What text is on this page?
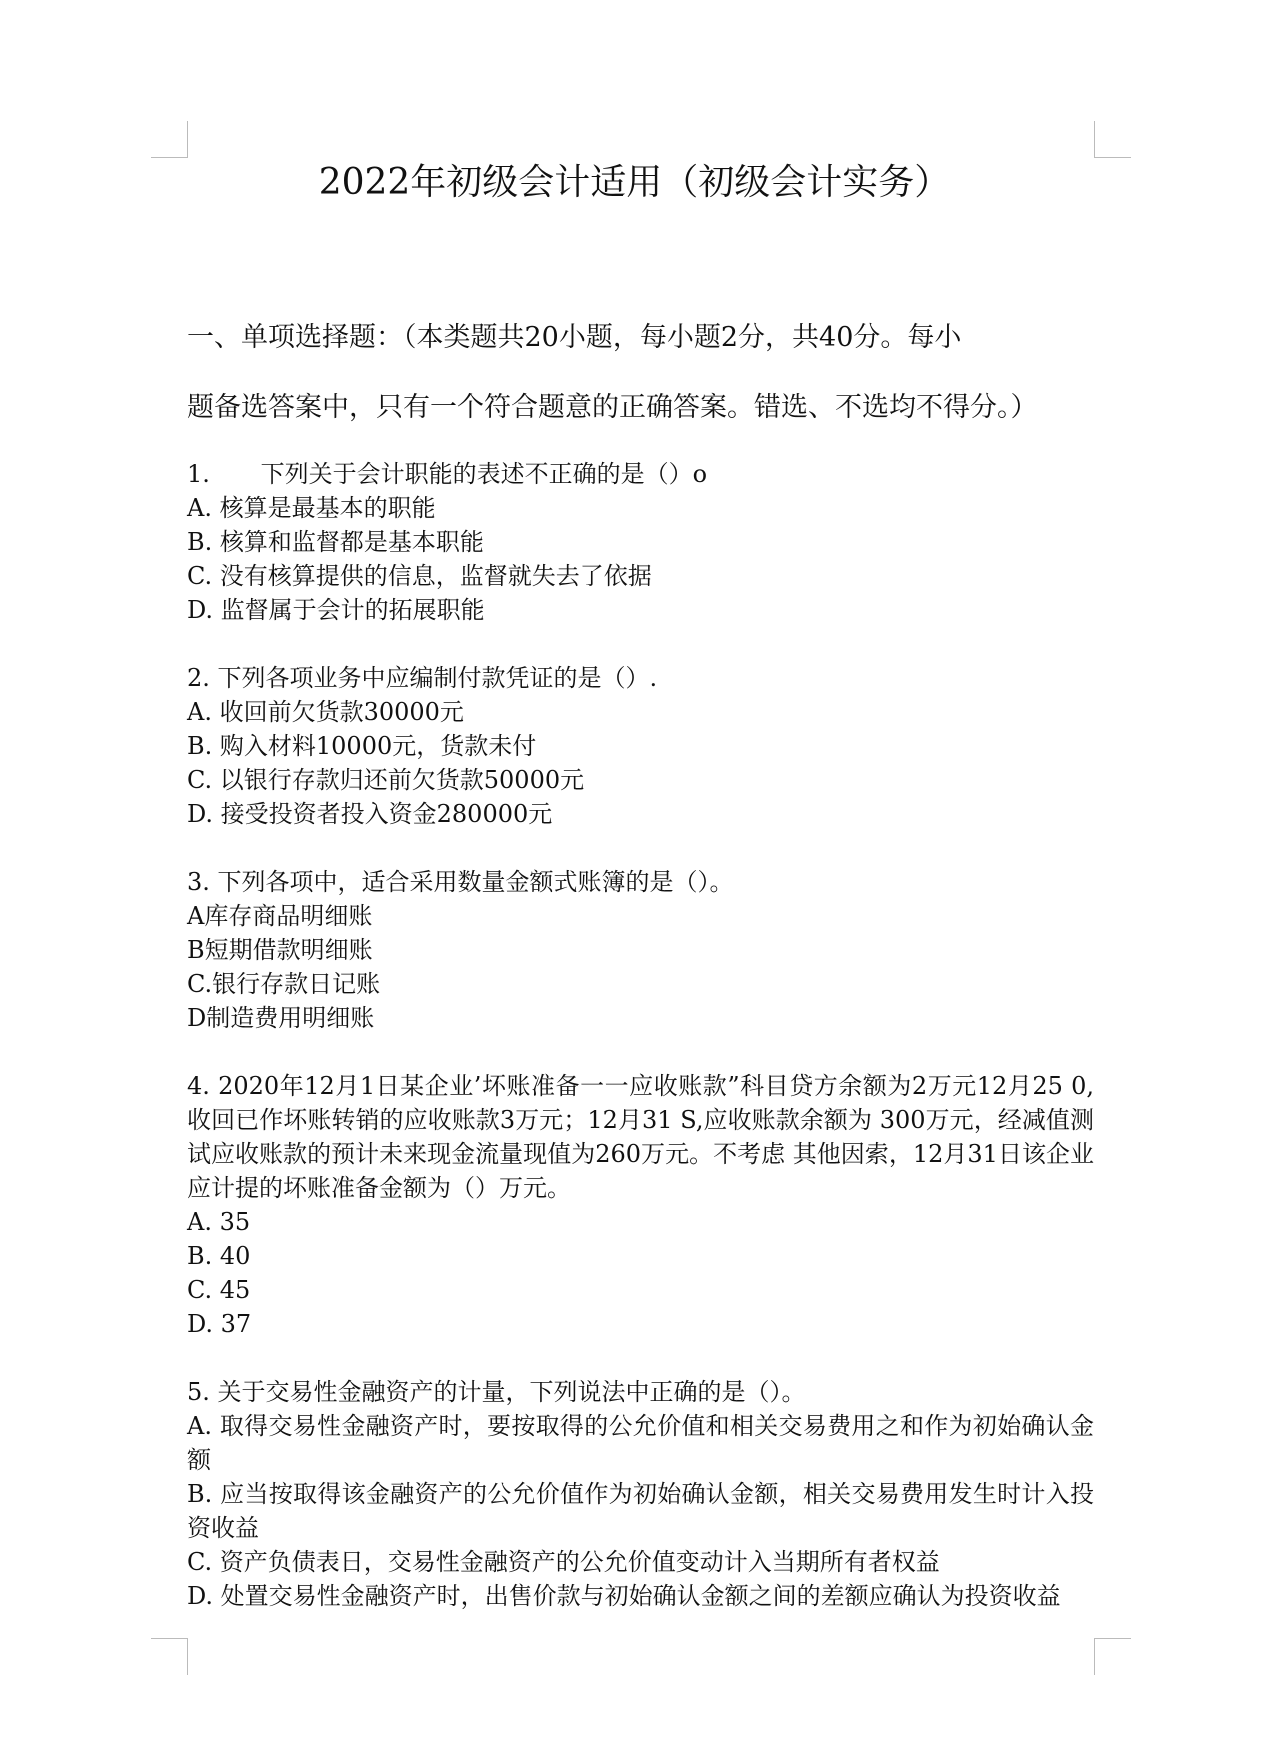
2022年初级会计适用（初级会计实务）

一、单项选择题：（本类题共20小题，每小题2分，共40分。每小

题备选答案中，只有一个符合题意的正确答案。错选、不选均不得分。）

1. 下列关于会计职能的表述不正确的是（）o

A. 核算是最基本的职能

B. 核算和监督都是基本职能

C. 没有核算提供的信息，监督就失去了依据

D. 监督属于会计的拓展职能

2. 下列各项业务中应编制付款凭证的是（）.

A. 收回前欠货款30000元

B. 购入材料10000元，货款未付

C. 以银行存款归还前欠货款50000元

D. 接受投资者投入资金280000元

3. 下列各项中，适合采用数量金额式账簿的是（）。

A库存商品明细账

B短期借款明细账

C.银行存款日记账

D制造费用明细账

4. 2020年12月1日某企业’坏账准备一一应收账款”科目贷方余额为2万元12月25 0,收回已作坏账转销的应收账款3万元；12月31 S,应收账款余额为 300万元，经减值测试应收账款的预计未来现金流量现值为260万元。不考虑 其他因索，12月31日该企业应计提的坏账准备金额为（）万元。

A. 35

B. 40

C. 45

D. 37

5. 关于交易性金融资产的计量，下列说法中正确的是（）。

A. 取得交易性金融资产时，要按取得的公允价值和相关交易费用之和作为初始确认金额

B. 应当按取得该金融资产的公允价值作为初始确认金额，相关交易费用发生时计入投资收益

C. 资产负债表日，交易性金融资产的公允价值变动计入当期所有者权益

D. 处置交易性金融资产时，出售价款与初始确认金额之间的差额应确认为投资收益
